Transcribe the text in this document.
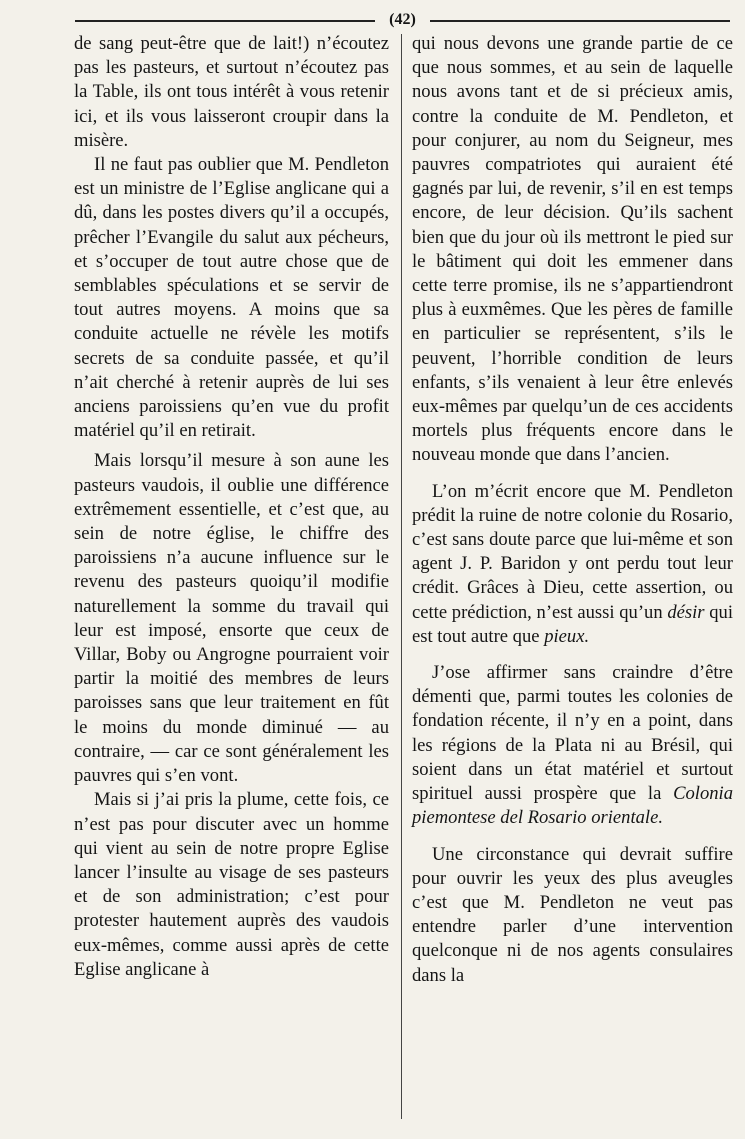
(42)

de sang peut-être que de lait!) n’écoutez pas les pasteurs, et surtout n’écoutez pas la Table, ils ont tous intérêt à vous retenir ici, et ils vous laisseront croupir dans la misère.

Il ne faut pas oublier que M. Pendleton est un ministre de l’Eglise anglicane qui a dû, dans les postes divers qu’il a occupés, prêcher l’Evangile du salut aux pécheurs, et s’occuper de tout autre chose que de semblables spéculations et se servir de tout autres moyens. A moins que sa conduite actuelle ne révèle les motifs secrets de sa conduite passée, et qu’il n’ait cherché à retenir auprès de lui ses anciens paroissiens qu’en vue du profit matériel qu’il en retirait.

Mais lorsqu’il mesure à son aune les pasteurs vaudois, il oublie une différence extrêmement essentielle, et c’est que, au sein de notre église, le chiffre des paroissiens n’a aucune influence sur le revenu des pasteurs quoiqu’il modifie naturellement la somme du travail qui leur est imposé, ensorte que ceux de Villar, Boby ou Angrogne pourraient voir partir la moitié des membres de leurs paroisses sans que leur traitement en fût le moins du monde diminué — au contraire, — car ce sont généralement les pauvres qui s’en vont.

Mais si j’ai pris la plume, cette fois, ce n’est pas pour discuter avec un homme qui vient au sein de notre propre Eglise lancer l’insulte au visage de ses pasteurs et de son administration; c’est pour protester hautement auprès des vaudois eux-mêmes, comme aussi après de cette Eglise anglicane à

qui nous devons une grande partie de ce que nous sommes, et au sein de laquelle nous avons tant et de si précieux amis, contre la conduite de M. Pendleton, et pour conjurer, au nom du Seigneur, mes pauvres compatriotes qui auraient été gagnés par lui, de revenir, s’il en est temps encore, de leur décision. Qu’ils sachent bien que du jour où ils mettront le pied sur le bâtiment qui doit les emmener dans cette terre promise, ils ne s’appartiendront plus à euxmêmes. Que les pères de famille en particulier se représentent, s’ils le peuvent, l’horrible condition de leurs enfants, s’ils venaient à leur être enlevés eux-mêmes par quelqu’un de ces accidents mortels plus fréquents encore dans le nouveau monde que dans l’ancien.

L’on m’écrit encore que M. Pendleton prédit la ruine de notre colonie du Rosario, c’est sans doute parce que lui-même et son agent J. P. Baridon y ont perdu tout leur crédit. Grâces à Dieu, cette assertion, ou cette prédiction, n’est aussi qu’un désir qui est tout autre que pieux.

J’ose affirmer sans craindre d’être démenti que, parmi toutes les colonies de fondation récente, il n’y en a point, dans les régions de la Plata ni au Brésil, qui soient dans un état matériel et surtout spirituel aussi prospère que la Colonia piemontese del Rosario orientale.

Une circonstance qui devrait suffire pour ouvrir les yeux des plus aveugles c’est que M. Pendleton ne veut pas entendre parler d’une intervention quelconque ni de nos agents consulaires dans la
